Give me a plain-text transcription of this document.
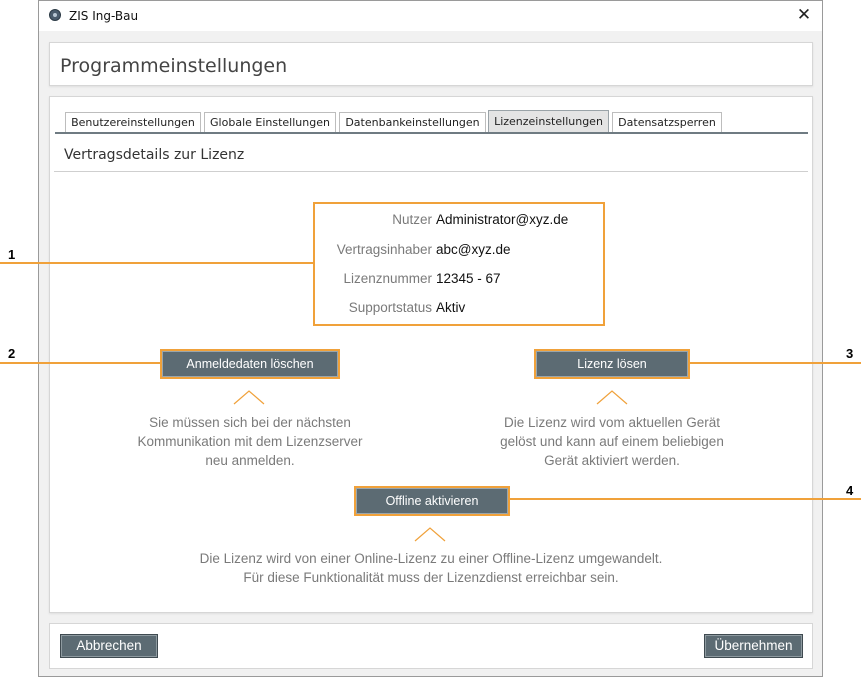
ZIS Ing-Bau	✕
Programmeinstellungen
Benutzereinstellungen	Globale Einstellungen	Datenbankeinstellungen	Lizenzeinstellungen	Datensatzsperren
Vertragsdetails zur Lizenz
Nutzer Administrator@xyz.de
Vertragsinhaber abc@xyz.de
Lizenznummer 12345 - 67
Supportstatus Aktiv
Anmeldedaten löschen
Sie müssen sich bei der nächsten
Kommunikation mit dem Lizenzserver
neu anmelden.
Lizenz lösen
Die Lizenz wird vom aktuellen Gerät
gelöst und kann auf einem beliebigen
Gerät aktiviert werden.
Offline aktivieren
Die Lizenz wird von einer Online-Lizenz zu einer Offline-Lizenz umgewandelt.
Für diese Funktionalität muss der Lizenzdienst erreichbar sein.
Abbrechen	Übernehmen
1
2	3
4
